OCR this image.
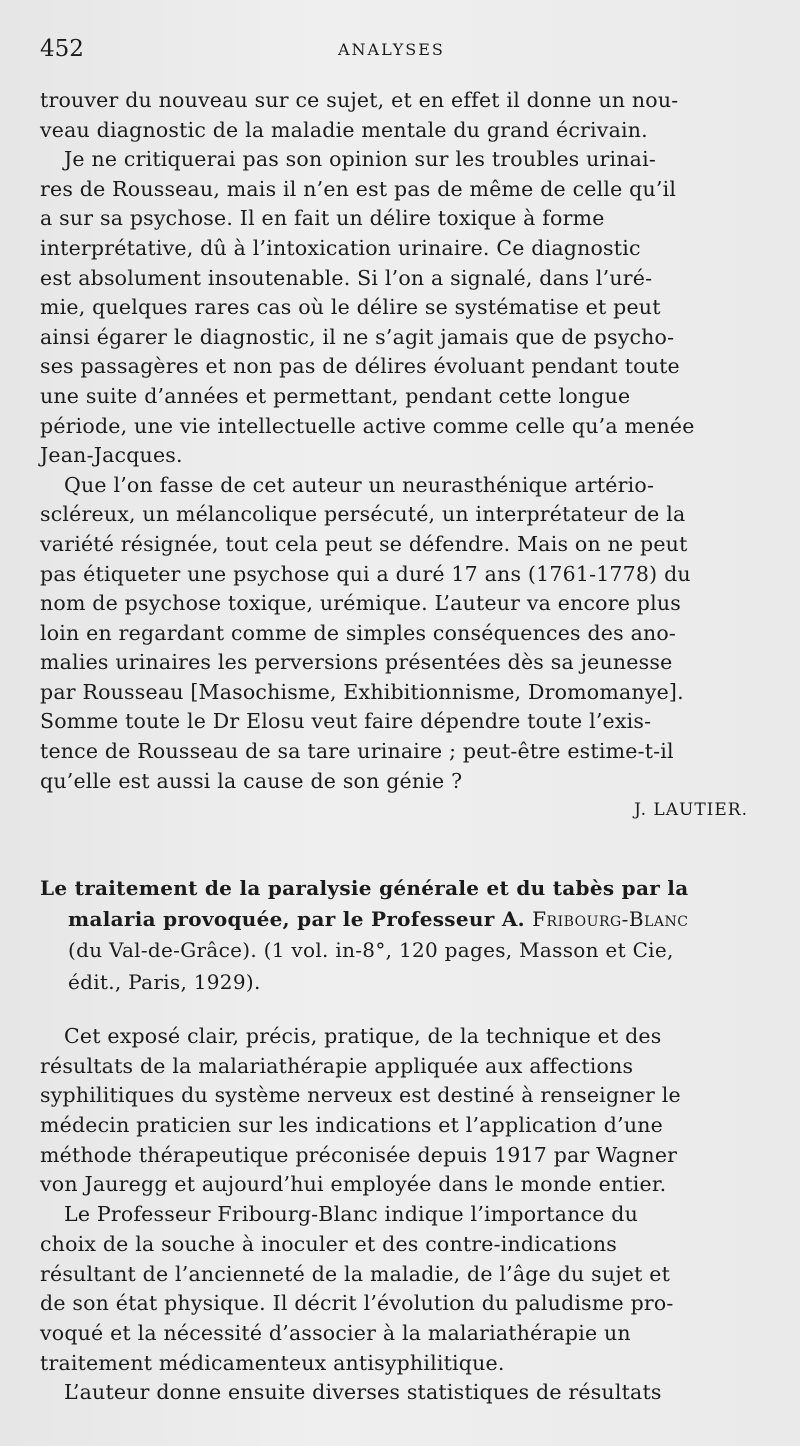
452	ANALYSES
trouver du nouveau sur ce sujet, et en effet il donne un nou-
veau diagnostic de la maladie mentale du grand écrivain.
Je ne critiquerai pas son opinion sur les troubles urinai-
res de Rousseau, mais il n’en est pas de même de celle qu’il
a sur sa psychose. Il en fait un délire toxique à forme
interprétative, dû à l’intoxication urinaire. Ce diagnostic
est absolument insoutenable. Si l’on a signalé, dans l’uré-
mie, quelques rares cas où le délire se systématise et peut
ainsi égarer le diagnostic, il ne s’agit jamais que de psycho-
ses passagères et non pas de délires évoluant pendant toute
une suite d’années et permettant, pendant cette longue
période, une vie intellectuelle active comme celle qu’a menée
Jean-Jacques.
Que l’on fasse de cet auteur un neurasthénique artério-
scléreux, un mélancolique persécuté, un interprétateur de la
variété résignée, tout cela peut se défendre. Mais on ne peut
pas étiqueter une psychose qui a duré 17 ans (1761-1778) du
nom de psychose toxique, urémique. L’auteur va encore plus
loin en regardant comme de simples conséquences des ano-
malies urinaires les perversions présentées dès sa jeunesse
par Rousseau [Masochisme, Exhibitionnisme, Dromomanye].
Somme toute le Dr Elosu veut faire dépendre toute l’exis-
tence de Rousseau de sa tare urinaire ; peut-être estime-t-il
qu’elle est aussi la cause de son génie ?
J. LAUTIER.
Le traitement de la paralysie générale et du tabès par la
malaria provoquée, par le Professeur A. Fribourg-Blanc
(du Val-de-Grâce). (1 vol. in-8°, 120 pages, Masson et Cie,
édit., Paris, 1929).
Cet exposé clair, précis, pratique, de la technique et des
résultats de la malariathérapie appliquée aux affections
syphilitiques du système nerveux est destiné à renseigner le
médecin praticien sur les indications et l’application d’une
méthode thérapeutique préconisée depuis 1917 par Wagner
von Jauregg et aujourd’hui employée dans le monde entier.
Le Professeur Fribourg-Blanc indique l’importance du
choix de la souche à inoculer et des contre-indications
résultant de l’ancienneté de la maladie, de l’âge du sujet et
de son état physique. Il décrit l’évolution du paludisme pro-
voqué et la nécessité d’associer à la malariathérapie un
traitement médicamenteux antisyphilitique.
L’auteur donne ensuite diverses statistiques de résultats
